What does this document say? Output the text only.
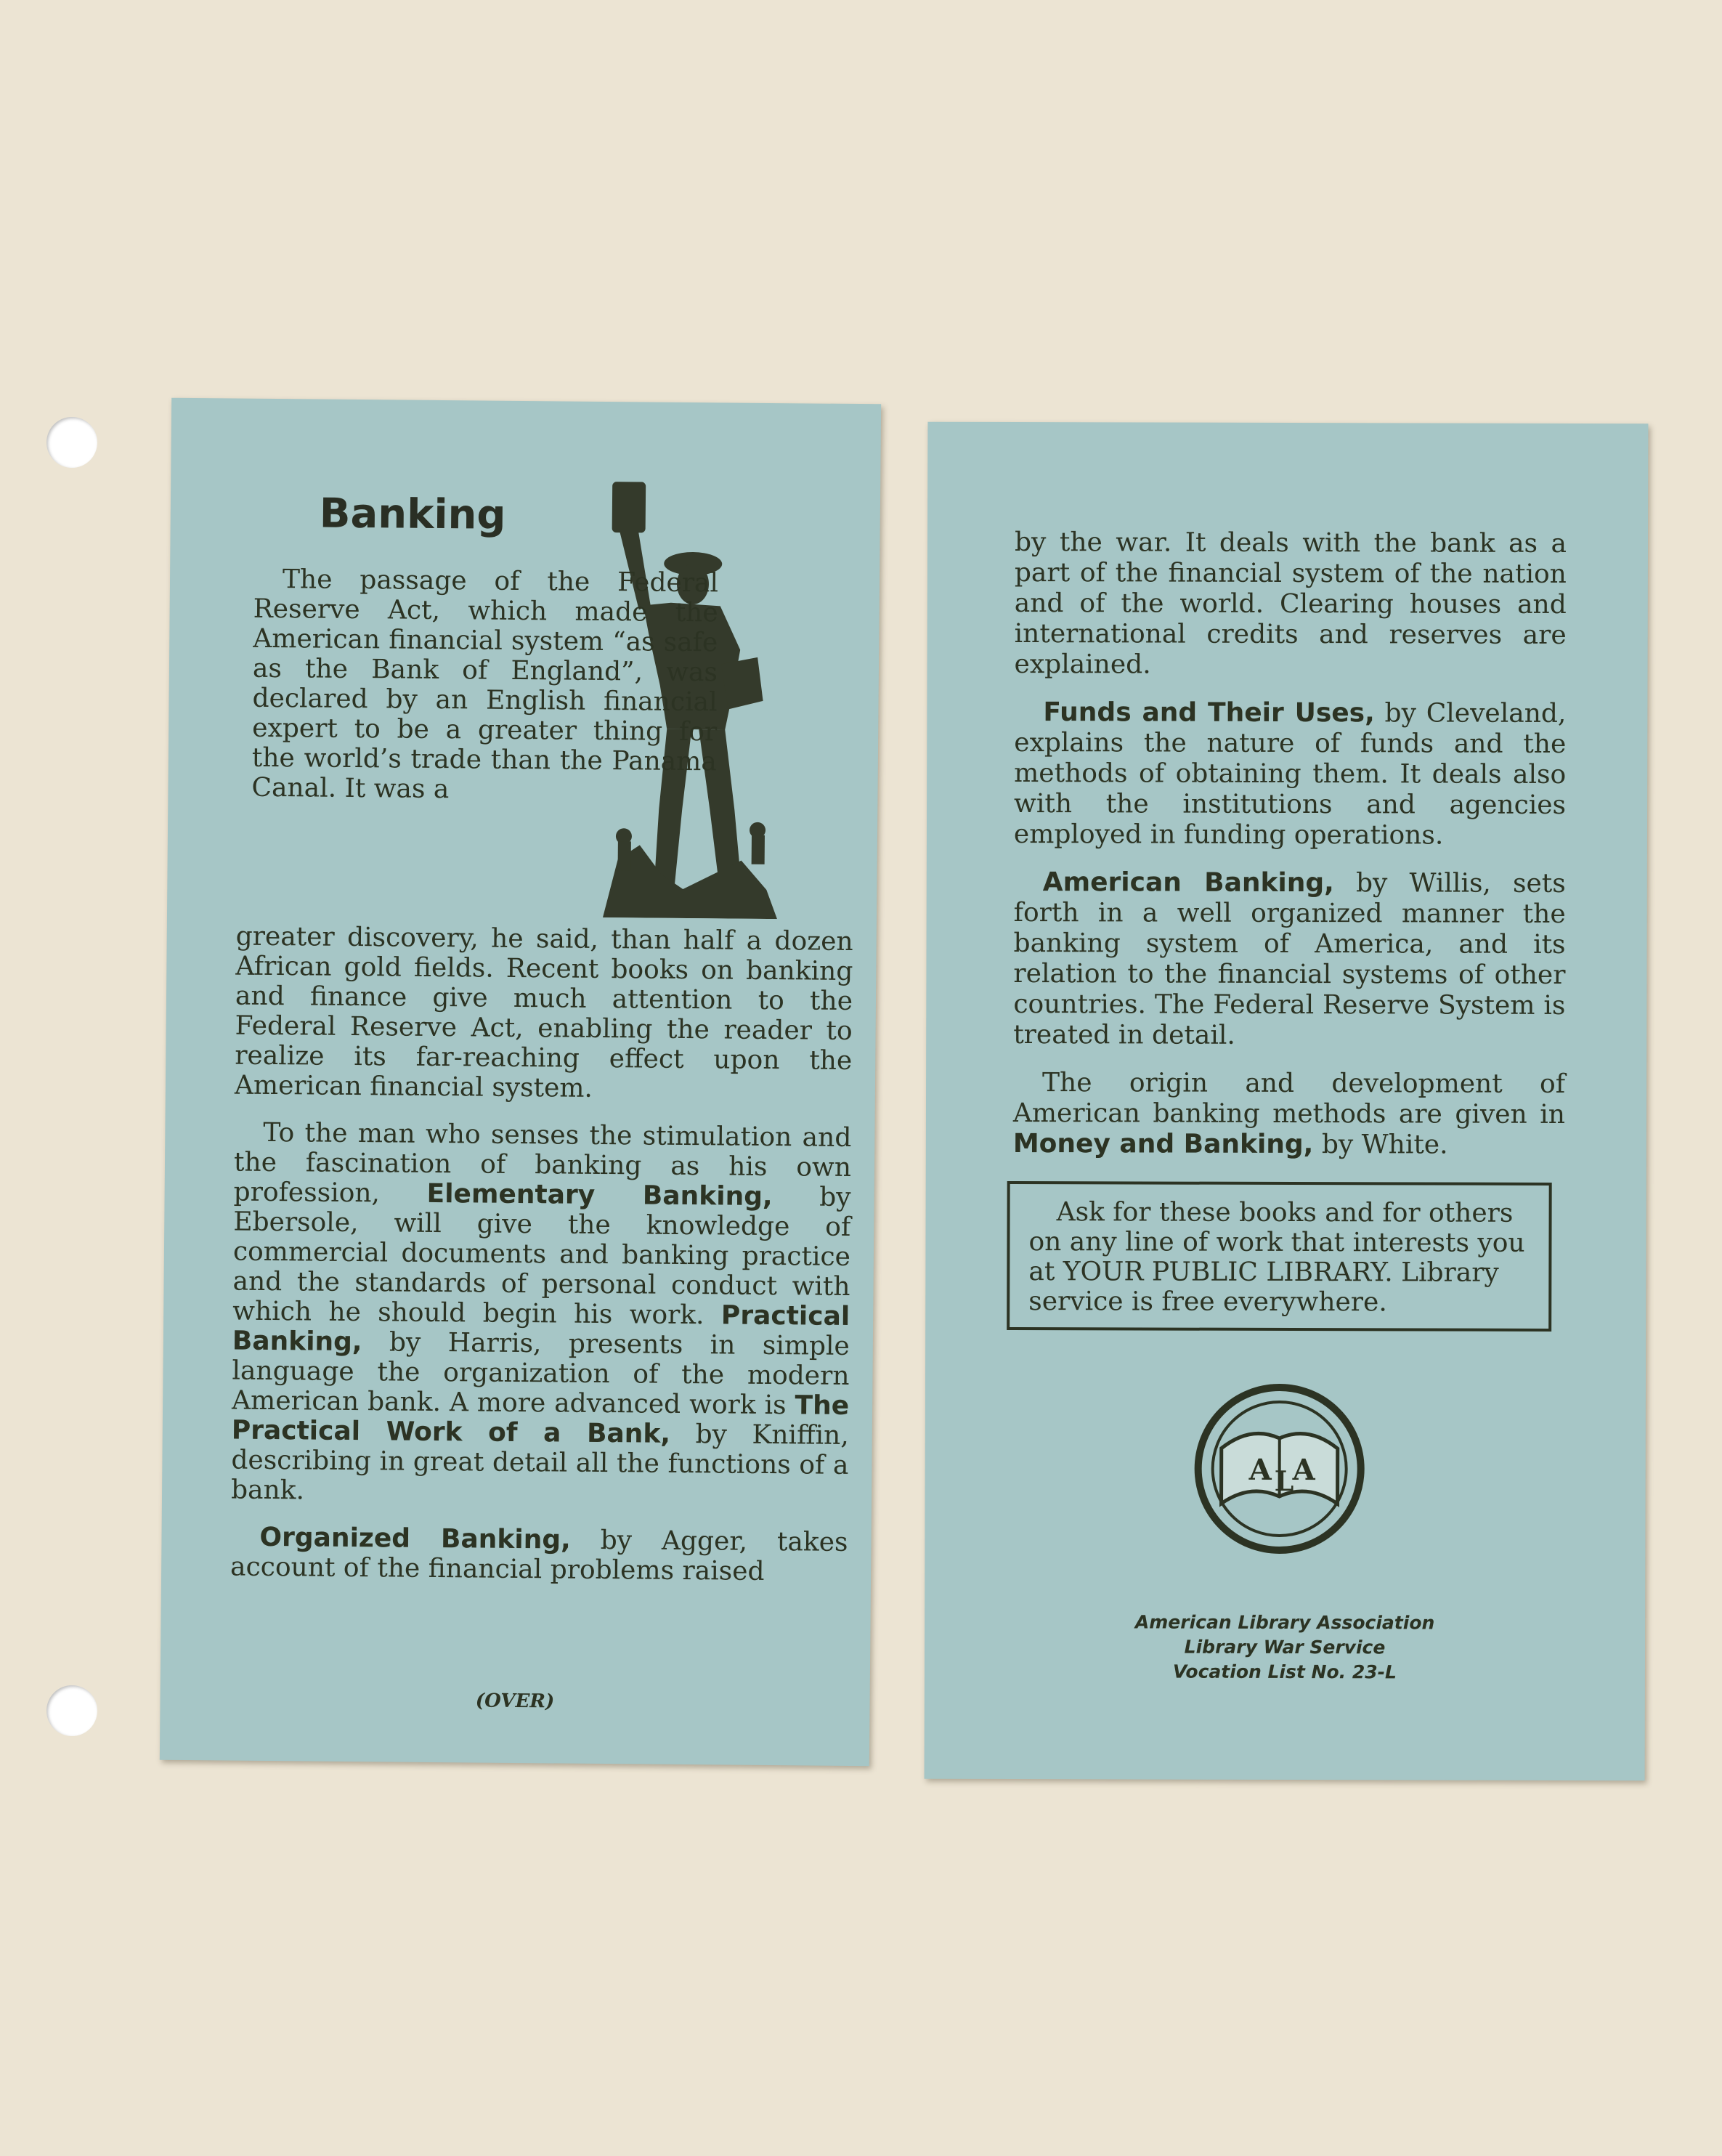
Banking

The passage of the Federal Reserve Act, which made the American financial system “as safe as the Bank of England”, was declared by an English financial expert to be a greater thing for the world’s trade than the Panama Canal. It was a

greater discovery, he said, than half a dozen African gold fields. Recent books on banking and finance give much attention to the Federal Reserve Act, enabling the reader to realize its far-reaching effect upon the American financial system.

To the man who senses the stimulation and the fascination of banking as his own profession, Elementary Banking, by Ebersole, will give the knowledge of commercial documents and banking practice and the standards of personal conduct with which he should begin his work. Practical Banking, by Harris, presents in simple language the organization of the modern American bank. A more advanced work is The Practical Work of a Bank, by Kniffin, describing in great detail all the functions of a bank.

Organized Banking, by Agger, takes account of the financial problems raised

(OVER)

by the war. It deals with the bank as a part of the financial system of the nation and of the world. Clearing houses and international credits and reserves are explained.

Funds and Their Uses, by Cleveland, explains the nature of funds and the methods of obtaining them. It deals also with the institutions and agencies employed in funding operations.

American Banking, by Willis, sets forth in a well organized manner the banking system of America, and its relation to the financial systems of other countries. The Federal Reserve System is treated in detail.

The origin and development of American banking methods are given in Money and Banking, by White.

Ask for these books and for others on any line of work that interests you at YOUR PUBLIC LIBRARY. Library service is free everywhere.
A L
A
American Library Association
Library War Service
Vocation List No. 23-L
